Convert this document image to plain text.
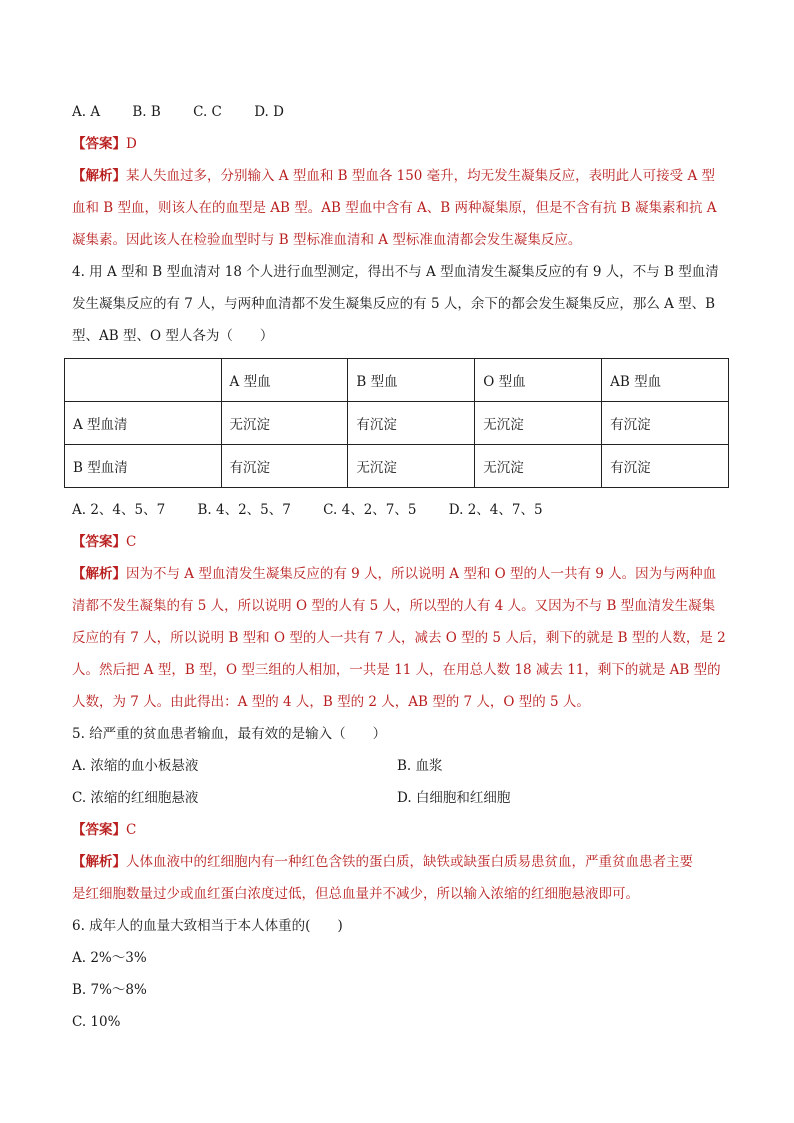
A. A B. B C. C D. D
【答案】D
【解析】某人失血过多，分别输入 A 型血和 B 型血各 150 毫升，均无发生凝集反应，表明此人可接受 A 型
血和 B 型血，则该人在的血型是 AB 型。AB 型血中含有 A、B 两种凝集原，但是不含有抗 B 凝集素和抗 A
凝集素。因此该人在检验血型时与 B 型标准血清和 A 型标准血清都会发生凝集反应。
4. 用 A 型和 B 型血清对 18 个人进行血型测定，得出不与 A 型血清发生凝集反应的有 9 人，不与 B 型血清
发生凝集反应的有 7 人，与两种血清都不发生凝集反应的有 5 人，余下的都会发生凝集反应，那么 A 型、B
型、AB 型、O 型人各为（　　）
	A 型血	B 型血	O 型血	AB 型血
A 型血清	无沉淀	有沉淀	无沉淀	有沉淀
B 型血清	有沉淀	无沉淀	无沉淀	有沉淀
A. 2、4、5、7 B. 4、2、5、7 C. 4、2、7、5 D. 2、4、7、5
【答案】C
【解析】因为不与 A 型血清发生凝集反应的有 9 人，所以说明 A 型和 O 型的人一共有 9 人。因为与两种血
清都不发生凝集的有 5 人，所以说明 O 型的人有 5 人，所以型的人有 4 人。又因为不与 B 型血清发生凝集
反应的有 7 人，所以说明 B 型和 O 型的人一共有 7 人，减去 O 型的 5 人后，剩下的就是 B 型的人数，是 2
人。然后把 A 型，B 型，O 型三组的人相加，一共是 11 人，在用总人数 18 减去 11，剩下的就是 AB 型的
人数，为 7 人。由此得出：A 型的 4 人，B 型的 2 人，AB 型的 7 人，O 型的 5 人。
5. 给严重的贫血患者输血，最有效的是输入（　　）
A. 浓缩的血小板悬液	B. 血浆
C. 浓缩的红细胞悬液	D. 白细胞和红细胞
【答案】C
【解析】人体血液中的红细胞内有一种红色含铁的蛋白质，缺铁或缺蛋白质易患贫血，严重贫血患者主要
是红细胞数量过少或血红蛋白浓度过低，但总血量并不减少，所以输入浓缩的红细胞悬液即可。
6. 成年人的血量大致相当于本人体重的(　　)
A. 2%～3%
B. 7%～8%
C. 10%
